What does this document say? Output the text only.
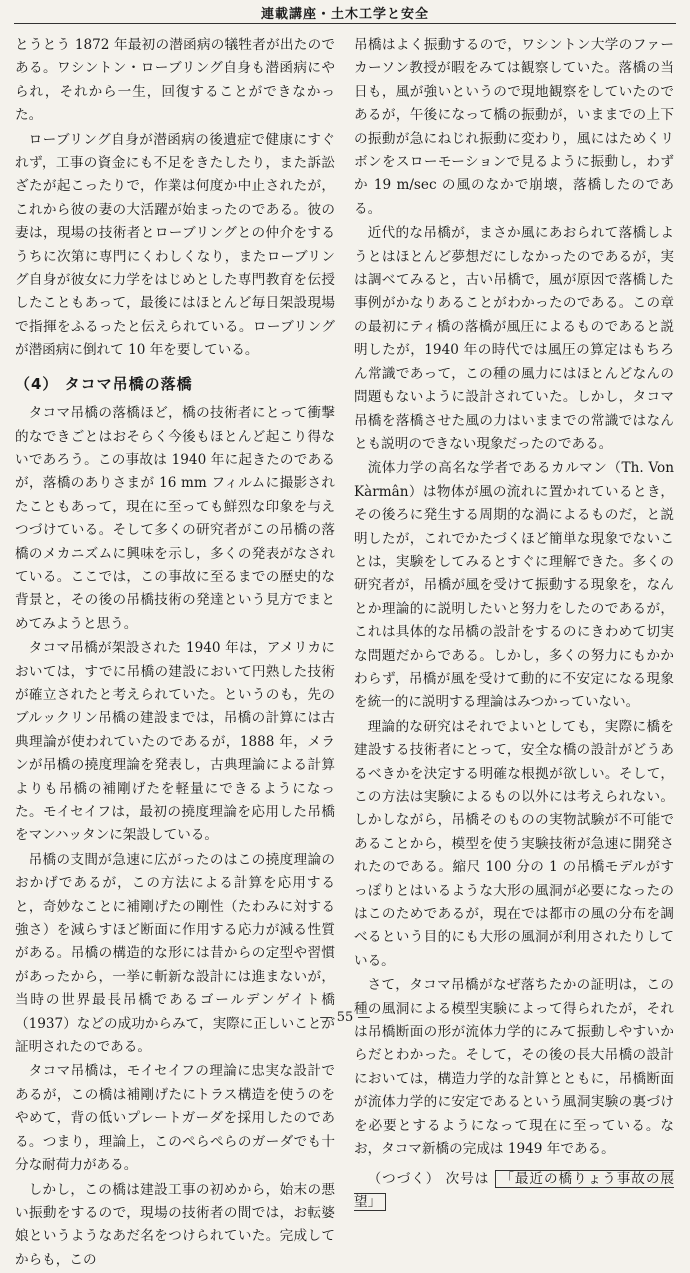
連載講座・土木工学と安全

とうとう 1872 年最初の潜函病の犠牲者が出たのである。ワシントン・ローブリング自身も潜函病にやられ，それから一生，回復することができなかった。

ローブリング自身が潜函病の後遺症で健康にすぐれず，工事の資金にも不足をきたしたり，また訴訟ざたが起こったりで，作業は何度か中止されたが，これから彼の妻の大活躍が始まったのである。彼の妻は，現場の技術者とローブリングとの仲介をするうちに次第に専門にくわしくなり，またローブリング自身が彼女に力学をはじめとした専門教育を伝授したこともあって，最後にはほとんど毎日架設現場で指揮をふるったと伝えられている。ローブリングが潜函病に倒れて 10 年を要している。

（4） タコマ吊橋の落橋

タコマ吊橋の落橋ほど，橋の技術者にとって衝撃的なできごとはおそらく今後もほとんど起こり得ないであろう。この事故は 1940 年に起きたのであるが，落橋のありさまが 16 mm フィルムに撮影されたこともあって，現在に至っても鮮烈な印象を与えつづけている。そして多くの研究者がこの吊橋の落橋のメカニズムに興味を示し，多くの発表がなされている。ここでは，この事故に至るまでの歴史的な背景と，その後の吊橋技術の発達という見方でまとめてみようと思う。

タコマ吊橋が架設された 1940 年は，アメリカにおいては，すでに吊橋の建設において円熟した技術が確立されたと考えられていた。というのも，先のブルックリン吊橋の建設までは，吊橋の計算には古典理論が使われていたのであるが，1888 年，メランが吊橋の撓度理論を発表し，古典理論による計算よりも吊橋の補剛げたを軽量にできるようになった。モイセイフは，最初の撓度理論を応用した吊橋をマンハッタンに架設している。

吊橋の支間が急速に広がったのはこの撓度理論のおかげであるが，この方法による計算を応用すると，奇妙なことに補剛げたの剛性（たわみに対する強さ）を減らすほど断面に作用する応力が減る性質がある。吊橋の構造的な形には昔からの定型や習慣があったから，一挙に斬新な設計には進まないが，当時の世界最長吊橋であるゴールデンゲイト橋（1937）などの成功からみて，実際に正しいことが証明されたのである。

タコマ吊橋は，モイセイフの理論に忠実な設計であるが，この橋は補剛げたにトラス構造を使うのをやめて，背の低いプレートガーダを採用したのである。つまり，理論上，このぺらぺらのガーダでも十分な耐荷力がある。

しかし，この橋は建設工事の初めから，始末の悪い振動をするので，現場の技術者の間では，お転婆娘というようなあだ名をつけられていた。完成してからも，この

吊橋はよく振動するので，ワシントン大学のファーカーソン教授が暇をみては観察していた。落橋の当日も，風が強いというので現地観察をしていたのであるが，午後になって橋の振動が，いままでの上下の振動が急にねじれ振動に変わり，風にはためくリボンをスローモーションで見るように振動し，わずか 19 m/sec の風のなかで崩壊，落橋したのである。

近代的な吊橋が，まさか風にあおられて落橋しようとはほとんど夢想だにしなかったのであるが，実は調べてみると，古い吊橋で，風が原因で落橋した事例がかなりあることがわかったのである。この章の最初にティ橋の落橋が風圧によるものであると説明したが，1940 年の時代では風圧の算定はもちろん常識であって，この種の風力にはほとんどなんの問題もないように設計されていた。しかし，タコマ吊橋を落橋させた風の力はいままでの常識ではなんとも説明のできない現象だったのである。

流体力学の高名な学者であるカルマン（Th. Von Kàrmân）は物体が風の流れに置かれているとき，その後ろに発生する周期的な渦によるものだ，と説明したが，これでかたづくほど簡単な現象でないことは，実験をしてみるとすぐに理解できた。多くの研究者が，吊橋が風を受けて振動する現象を，なんとか理論的に説明したいと努力をしたのであるが，これは具体的な吊橋の設計をするのにきわめて切実な問題だからである。しかし，多くの努力にもかかわらず，吊橋が風を受けて動的に不安定になる現象を統一的に説明する理論はみつかっていない。

理論的な研究はそれでよいとしても，実際に橋を建設する技術者にとって，安全な橋の設計がどうあるべきかを決定する明確な根拠が欲しい。そして，この方法は実験によるもの以外には考えられない。しかしながら，吊橋そのものの実物試験が不可能であることから，模型を使う実験技術が急速に開発されたのである。縮尺 100 分の 1 の吊橋モデルがすっぽりとはいるような大形の風洞が必要になったのはこのためであるが，現在では都市の風の分布を調べるという目的にも大形の風洞が利用されたりしている。

さて，タコマ吊橋がなぜ落ちたかの証明は，この種の風洞による模型実験によって得られたが，それは吊橋断面の形が流体力学的にみて振動しやすいからだとわかった。そして，その後の長大吊橋の設計においては，構造力学的な計算とともに，吊橋断面が流体力学的に安定であるという風洞実験の裏づけを必要とするようになって現在に至っている。なお，タコマ新橋の完成は 1949 年である。

（つづく） 次号は 「最近の橋りょう事故の展望」
— 55 —
